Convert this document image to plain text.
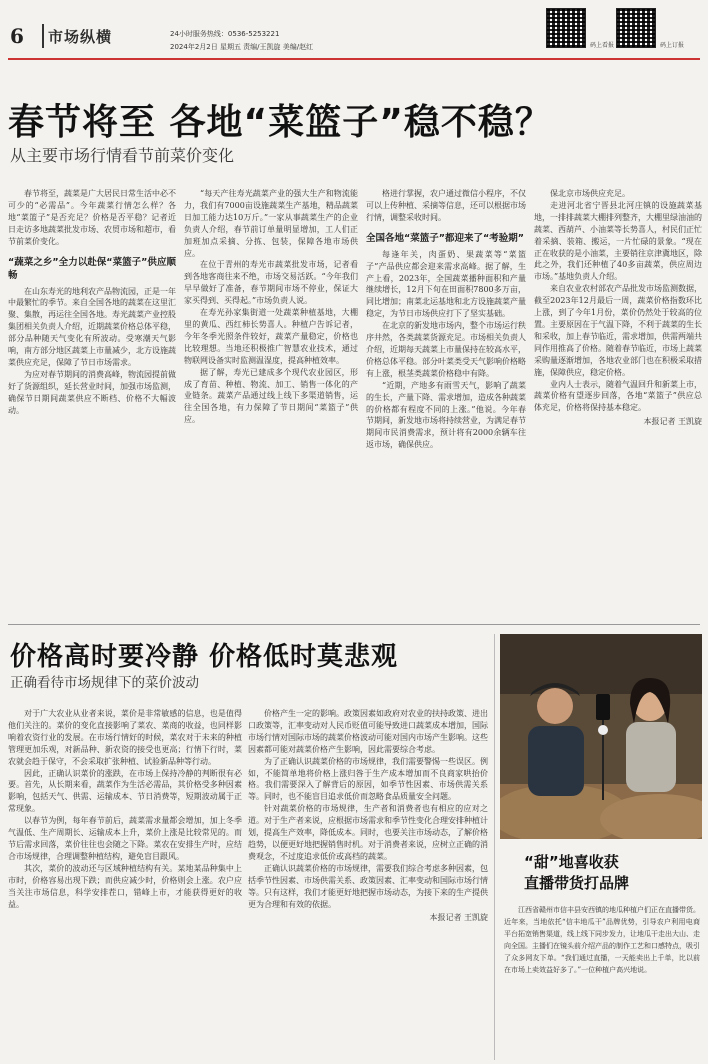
6 市场纵横	24小时服务热线：0536-5253221
2024年2月2日 星期五 责编/王凯旋 美编/赵红	码上看报	码上订报
春节将至 各地“菜篮子”稳不稳？
从主要市场行情看节前菜价变化

春节将至，蔬菜是广大居民日常生活中必不可少的“必需品”。今年蔬菜行情怎么样？各地“菜篮子”是否充足？价格是否平稳？记者近日走访多地蔬菜批发市场、农贸市场和超市，看节前菜价变化。

“蔬菜之乡”全力以赴保“菜篮子”供应顺畅

在山东寿光的地利农产品物流园，正是一年中最繁忙的季节。来自全国各地的蔬菜在这里汇聚、集散，再运往全国各地。寿光蔬菜产业控股集团相关负责人介绍，近期蔬菜价格总体平稳，部分品种随天气变化有所波动。受寒潮天气影响，南方部分地区蔬菜上市量减少，北方设施蔬菜供应充足，保障了节日市场需求。

为应对春节期间的消费高峰，物流园提前做好了货源组织，延长营业时间，加强市场监测，确保节日期间蔬菜供应不断档、价格不大幅波动。

“每天产往寿光蔬菜产业的强大生产和物流能力，我们有7000亩设施蔬菜生产基地，精品蔬菜日加工能力达10万斤。”一家从事蔬菜生产的企业负责人介绍，春节前订单量明显增加，工人们正加班加点采摘、分拣、包装，保障各地市场供应。

在位于青州的寿光市蔬菜批发市场，记者看到各地客商往来不绝，市场交易活跃。“今年我们早早做好了准备，春节期间市场不停业，保证大家买得到、买得起。”市场负责人说。

在寿光孙家集街道一处蔬菜种植基地，大棚里的黄瓜、西红柿长势喜人。种植户告诉记者，今年冬季光照条件较好，蔬菜产量稳定，价格也比较理想。当地还积极推广智慧农业技术，通过物联网设备实时监测温湿度，提高种植效率。

据了解，寿光已建成多个现代农业园区，形成了育苗、种植、物流、加工、销售一体化的产业链条。蔬菜产品通过线上线下多渠道销售，运往全国各地，有力保障了节日期间“菜篮子”供应。

格进行掌握，农户通过微信小程序，不仅可以上传种植、采摘等信息，还可以根据市场行情，调整采收时间。

全国各地“菜篮子”都迎来了“考验期”

每逢年关，肉蛋奶、果蔬菜等“菜篮子”产品供应都会迎来需求高峰。据了解，生产上看，2023年，全国蔬菜播种面积和产量继续增长，12月下旬在田面积7800多万亩，同比增加；南菜北运基地和北方设施蔬菜产量稳定，为节日市场供应打下了坚实基础。

在北京的新发地市场内，整个市场运行秩序井然，各类蔬菜货源充足。市场相关负责人介绍，近期每天蔬菜上市量保持在较高水平，价格总体平稳。部分叶菜类受天气影响价格略有上涨，根茎类蔬菜价格稳中有降。

“近期，产地多有雨雪天气，影响了蔬菜的生长，产量下降、需求增加，造成各种蔬菜的价格都有程度不同的上涨。”他说。今年春节期间，新发地市场将持续营业，为满足春节期间市民消费需求，预计将有2000余辆车往返市场，确保供应。

保北京市场供应充足。

走进河北省宁晋县北河庄镇的设施蔬菜基地，一排排蔬菜大棚排列整齐，大棚里绿油油的蔬菜、西葫芦、小油菜等长势喜人，村民们正忙着采摘、装箱、搬运，一片忙碌的景象。“现在正在收获的是小油菜，主要销往京津冀地区，除此之外，我们还种植了40多亩蔬菜，供应周边市场。”基地负责人介绍。

来自农业农村部农产品批发市场监测数据，截至2023年12月最后一周，蔬菜价格指数环比上涨，到了今年1月份，菜价仍然处于较高的位置。主要原因在于气温下降，不利于蔬菜的生长和采收，加上春节临近，需求增加，供需两端共同作用推高了价格。随着春节临近，市场上蔬菜采购量逐渐增加，各地农业部门也在积极采取措施，保障供应，稳定价格。

业内人士表示，随着气温回升和新菜上市，蔬菜价格有望逐步回落，各地“菜篮子”供应总体充足，价格将保持基本稳定。

本报记者 王凯旋

价格高时要冷静 价格低时莫悲观
正确看待市场规律下的菜价波动

对于广大农业从业者来说，菜价是非常敏感的信息，也是值得他们关注的。菜价的变化直接影响了菜农、菜商的收益，也同样影响着农资行业的发展。在市场行情好的时候，菜农对于未来的种植管理更加乐观，对新品种、新农资的接受也更高；行情下行时，菜农就会趋于保守，不会采取扩张种植、试验新品种等行动。

因此，正确认识菜价的涨跌，在市场上保持冷静的判断很有必要。首先，从长期来看，蔬菜作为生活必需品，其价格受多种因素影响，包括天气、供需、运输成本、节日消费等，短期波动属于正常现象。

以春节为例，每年春节前后，蔬菜需求量都会增加，加上冬季气温低、生产周期长、运输成本上升，菜价上涨是比较常见的。而节后需求回落，菜价往往也会随之下降。菜农在安排生产时，应结合市场规律，合理调整种植结构，避免盲目跟风。

其次，菜价的波动还与区域种植结构有关。某地某品种集中上市时，价格容易出现下跌；而供应减少时，价格则会上涨。农户应当关注市场信息，科学安排茬口，错峰上市，才能获得更好的收益。

价格产生一定的影响。政策因素如政府对农业的扶持政策、进出口政策等，汇率变动对人民币贬值可能导致进口蔬菜成本增加，国际市场行情对国际市场的蔬菜价格波动可能对国内市场产生影响。这些因素都可能对蔬菜价格产生影响，因此需要综合考虑。

为了正确认识蔬菜价格的市场规律，我们需要警惕一些误区。例如，不能简单地将价格上涨归咎于生产成本增加而不良商家哄抬价格。我们需要深入了解背后的原因，如季节性因素、市场供需关系等。同时，也不能盲目追求低价而忽略食品质量安全问题。

针对蔬菜价格的市场规律，生产者和消费者也有相应的应对之道。对于生产者来说，应根据市场需求和季节性变化合理安排种植计划，提高生产效率，降低成本。同时，也要关注市场动态，了解价格趋势，以便更好地把握销售时机。对于消费者来说，应树立正确的消费观念，不过度追求低价或高档的蔬菜。

正确认识蔬菜价格的市场规律，需要我们综合考虑多种因素，包括季节性因素、市场供需关系、政策因素、汇率变动和国际市场行情等。只有这样，我们才能更好地把握市场动态，为接下来的生产提供更为合理和有效的依据。

本报记者 王凯旋

“甜”地喜收获
直播带货打品牌

江西省赣州市信丰县安西镇的地瓜种植户们正在直播带货。近年来，当地依托“信丰地瓜干”品牌优势，引导农户利用电商平台拓宽销售渠道，线上线下同步发力，让地瓜干走出大山、走向全国。主播们在镜头前介绍产品的制作工艺和口感特点，吸引了众多网友下单。“我们通过直播，一天能卖出上千单，比以前在市场上卖效益好多了。”一位种植户高兴地说。
